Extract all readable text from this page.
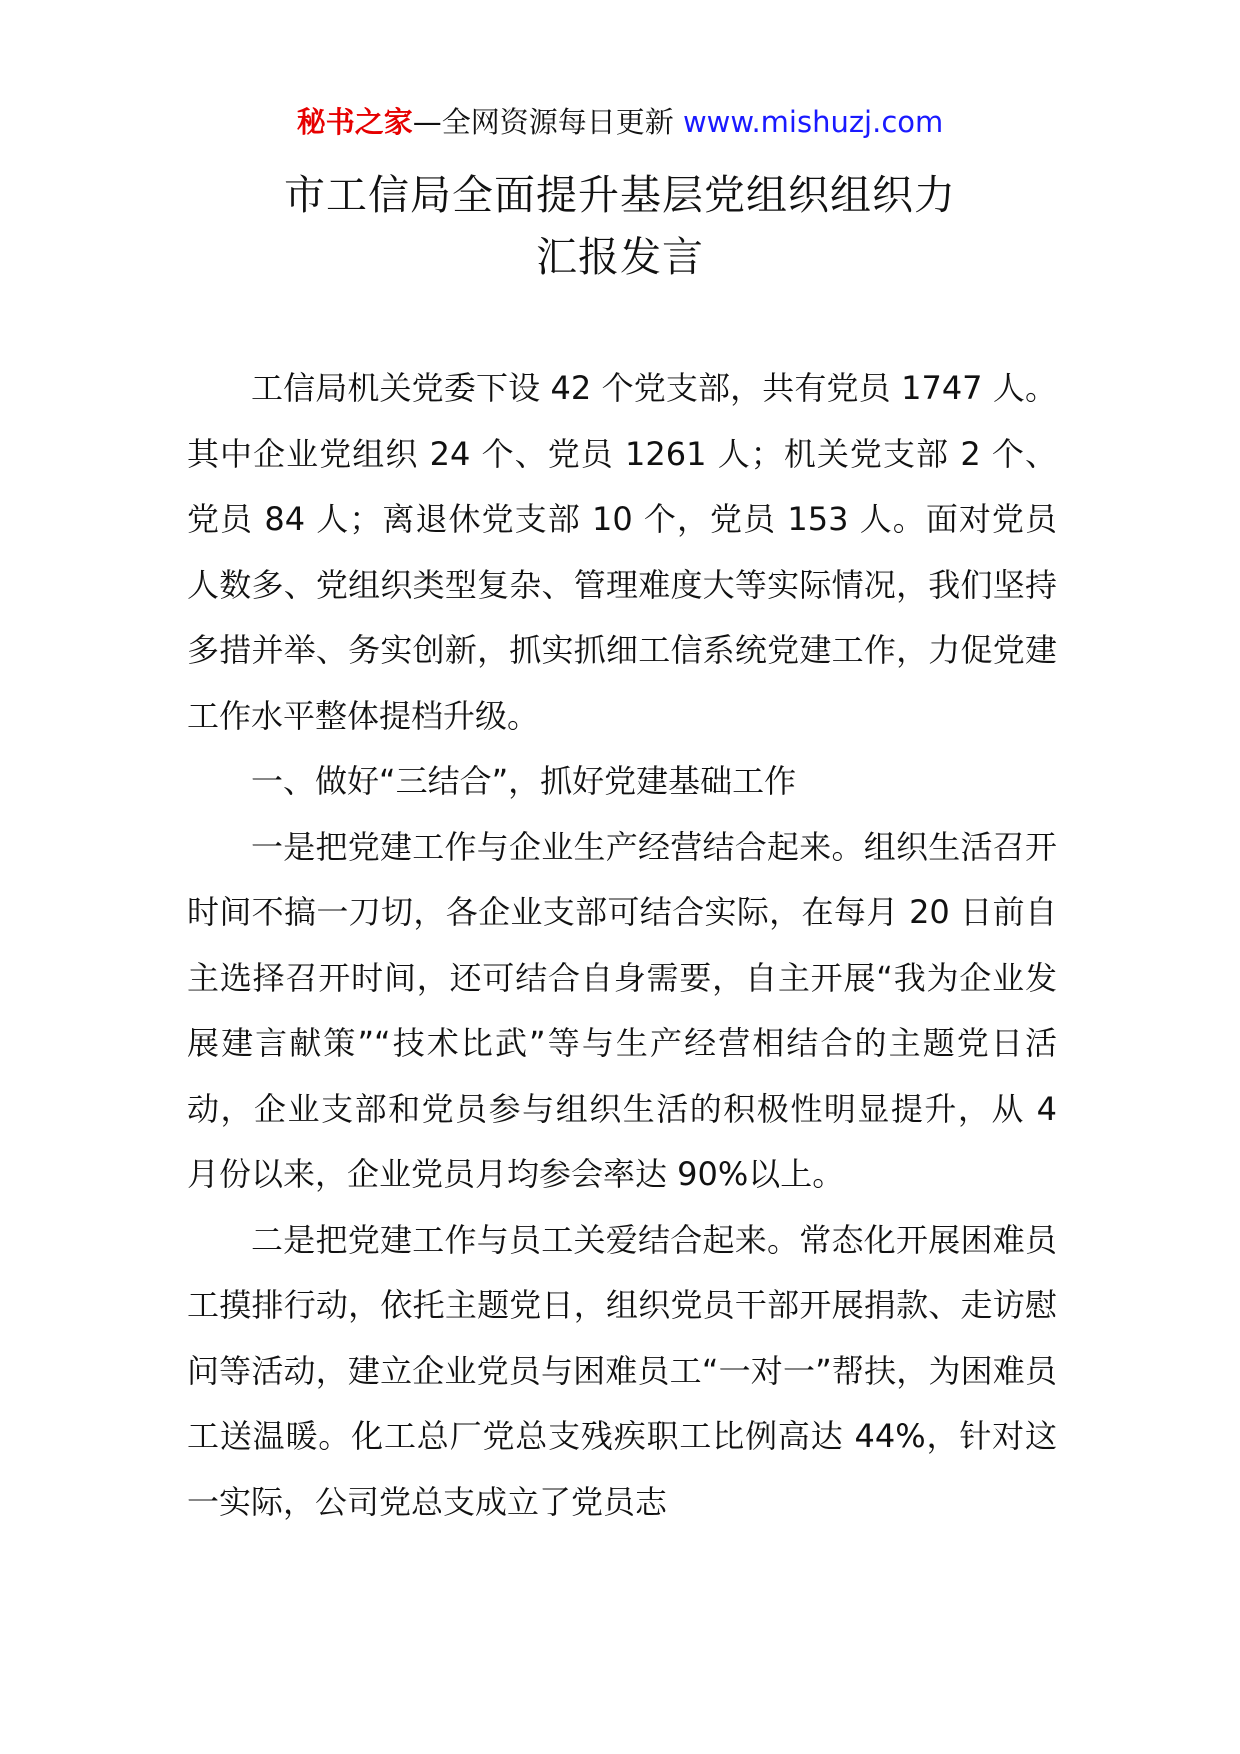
秘书之家—全网资源每日更新 www.mishuzj.com
市工信局全面提升基层党组织组织力
汇报发言

工信局机关党委下设 42 个党支部，共有党员 1747 人。其中企业党组织 24 个、党员 1261 人；机关党支部 2 个、党员 84 人；离退休党支部 10 个，党员 153 人。面对党员人数多、党组织类型复杂、管理难度大等实际情况，我们坚持多措并举、务实创新，抓实抓细工信系统党建工作，力促党建工作水平整体提档升级。

一、做好“三结合”，抓好党建基础工作

一是把党建工作与企业生产经营结合起来。组织生活召开时间不搞一刀切，各企业支部可结合实际，在每月 20 日前自主选择召开时间，还可结合自身需要，自主开展“我为企业发展建言献策”“技术比武”等与生产经营相结合的主题党日活动，企业支部和党员参与组织生活的积极性明显提升，从 4 月份以来，企业党员月均参会率达 90%以上。

二是把党建工作与员工关爱结合起来。常态化开展困难员工摸排行动，依托主题党日，组织党员干部开展捐款、走访慰问等活动，建立企业党员与困难员工“一对一”帮扶，为困难员工送温暖。化工总厂党总支残疾职工比例高达 44%，针对这一实际，公司党总支成立了党员志
